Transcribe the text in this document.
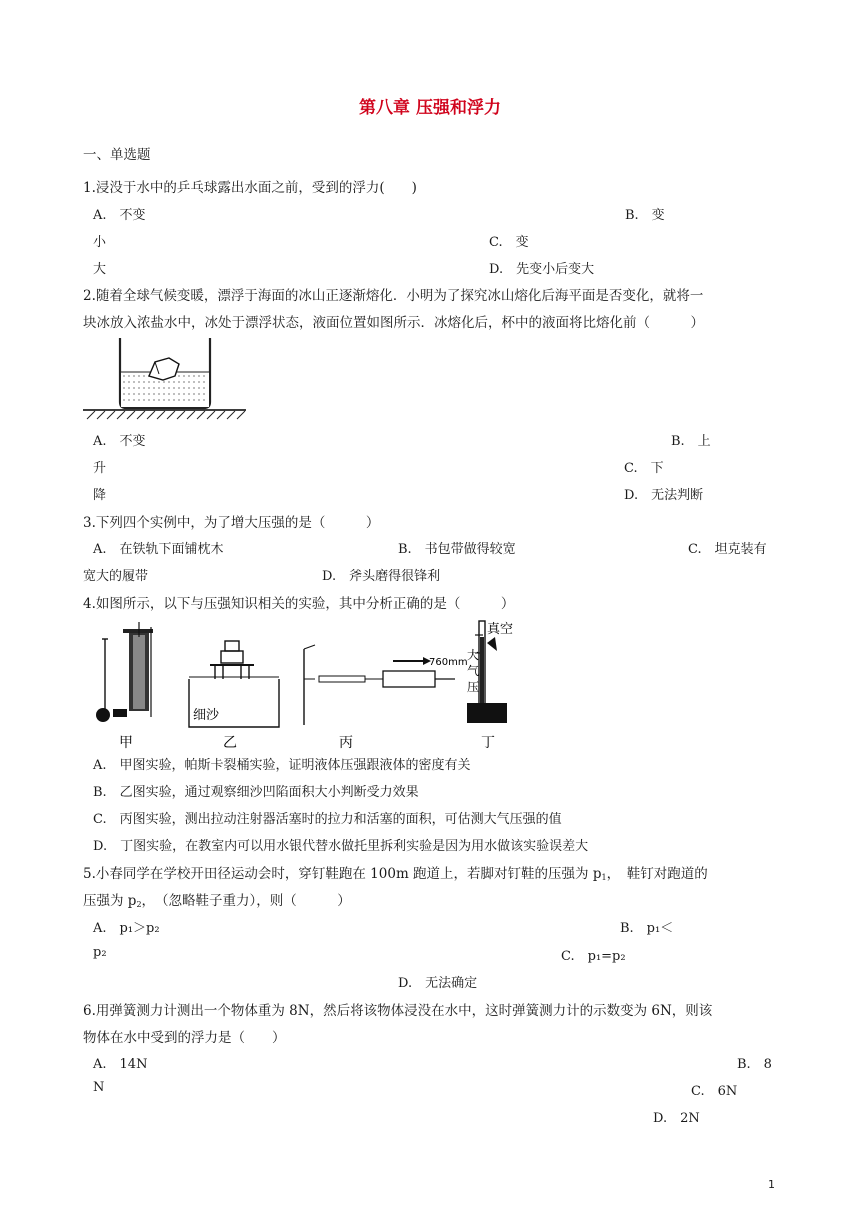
第八章 压强和浮力
一、单选题
1.浸没于水中的乒乓球露出水面之前，受到的浮力(　　)
A.　不变	B.　变
小	C.　变
大	D.　先变小后变大
2.随着全球气候变暖，漂浮于海面的冰山正逐渐熔化．小明为了探究冰山熔化后海平面是否变化，就将一
块冰放入浓盐水中，冰处于漂浮状态，液面位置如图所示．冰熔化后，杯中的液面将比熔化前（　　　）
A.　不变	B.　上
升	C.　下
降	D.　无法判断
3.下列四个实例中，为了增大压强的是（　　　）
A.　在铁轨下面铺枕木	B.　书包带做得较宽	C.　坦克装有
宽大的履带	D.　斧头磨得很锋利
4.如图所示，以下与压强知识相关的实验，其中分析正确的是（　　　）
甲
细沙
乙	丙
真空
760mm
大
气
压
丁
A.　甲图实验，帕斯卡裂桶实验，证明液体压强跟液体的密度有关
B.　乙图实验，通过观察细沙凹陷面积大小判断受力效果
C.　丙图实验，测出拉动注射器活塞时的拉力和活塞的面积，可估测大气压强的值
D.　丁图实验，在教室内可以用水银代替水做托里拆利实验是因为用水做该实验误差大
5.小春同学在学校开田径运动会时，穿钉鞋跑在 100m 跑道上，若脚对钉鞋的压强为 $p_1$，　鞋钉对跑道的
压强为 $p_2$，　（忽略鞋子重力），则（　　　）
A.　p₁＞p₂	B.　p₁＜
p₂	C.　p₁=p₂
D.　无法确定
6.用弹簧测力计测出一个物体重为 8N，然后将该物体浸没在水中，这时弹簧测力计的示数变为 6N，则该
物体在水中受到的浮力是（　　）
A.　14N	B.　8
N	C.　6N
D.　2N
1
